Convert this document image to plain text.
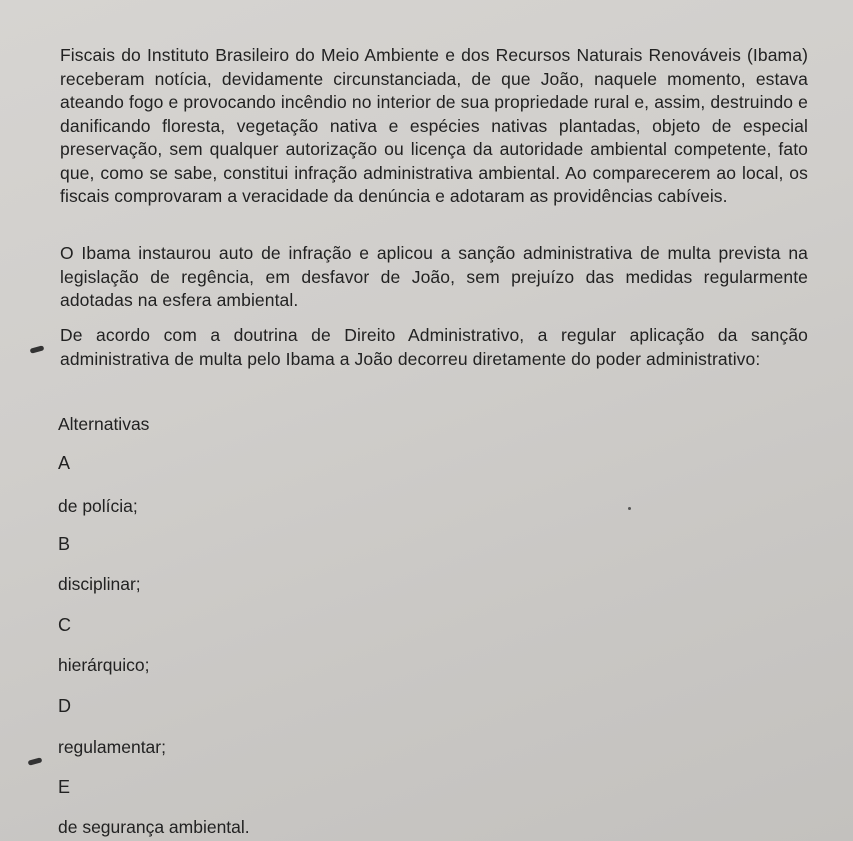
Fiscais do Instituto Brasileiro do Meio Ambiente e dos Recursos Naturais Renováveis (Ibama) receberam notícia, devidamente circunstanciada, de que João, naquele momento, estava ateando fogo e provocando incêndio no interior de sua propriedade rural e, assim, destruindo e danificando floresta, vegetação nativa e espécies nativas plantadas, objeto de especial preservação, sem qualquer autorização ou licença da autoridade ambiental competente, fato que, como se sabe, constitui infração administrativa ambiental. Ao comparecerem ao local, os fiscais comprovaram a veracidade da denúncia e adotaram as providências cabíveis.

O Ibama instaurou auto de infração e aplicou a sanção administrativa de multa prevista na legislação de regência, em desfavor de João, sem prejuízo das medidas regularmente adotadas na esfera ambiental.

De acordo com a doutrina de Direito Administrativo, a regular aplicação da sanção administrativa de multa pelo Ibama a João decorreu diretamente do poder administrativo:

Alternativas

A

de polícia;

B

disciplinar;

C

hierárquico;

D

regulamentar;

E

de segurança ambiental.
